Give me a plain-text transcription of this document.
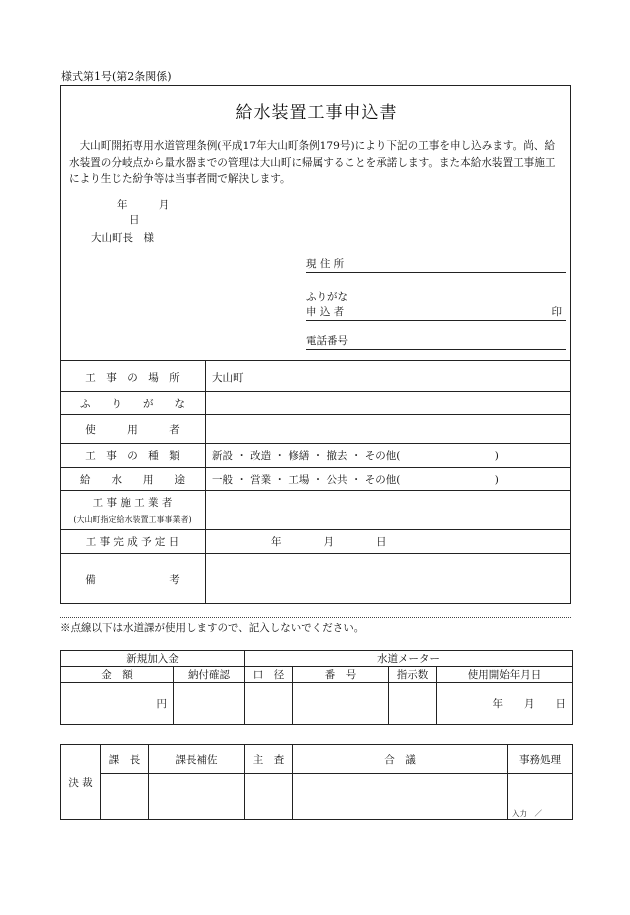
様式第1号(第2条関係)
給水装置工事申込書
大山町開拓専用水道管理条例(平成17年大山町条例179号)により下記の工事を申し込みます。尚、給水装置の分岐点から量水器までの管理は大山町に帰属することを承諾します。また本給水装置工事施工により生じた紛争等は当事者間で解決します。
年	月 日
大山町長　様
現 住 所
ふりがな
申 込 者	印
電話番号
工　事　の　場　所	大山町
ふ　　り　　が　　な
使　　　用　　　者
工　事　の　種　類	新設 ・ 改造 ・ 修繕 ・ 撤去 ・ その他(　　　　　　　　　)
給　　水　　用　　途	一般 ・ 営業 ・ 工場 ・ 公共 ・ その他(　　　　　　　　　)
工 事 施 工 業 者
(大山町指定給水装置工事事業者)
工 事 完 成 予 定 日	年　　　　月　　　　日
備　　　　　　　考
※点線以下は水道課が使用しますので、記入しないでください。
新規加入金		水道メーター			
金　額	納付確認	口　径	番　号	指示数	使用開始年月日
円					年　　月　　日
決 裁	課　長	課長補佐	主　査	合　議	事務処理
					入力　／
